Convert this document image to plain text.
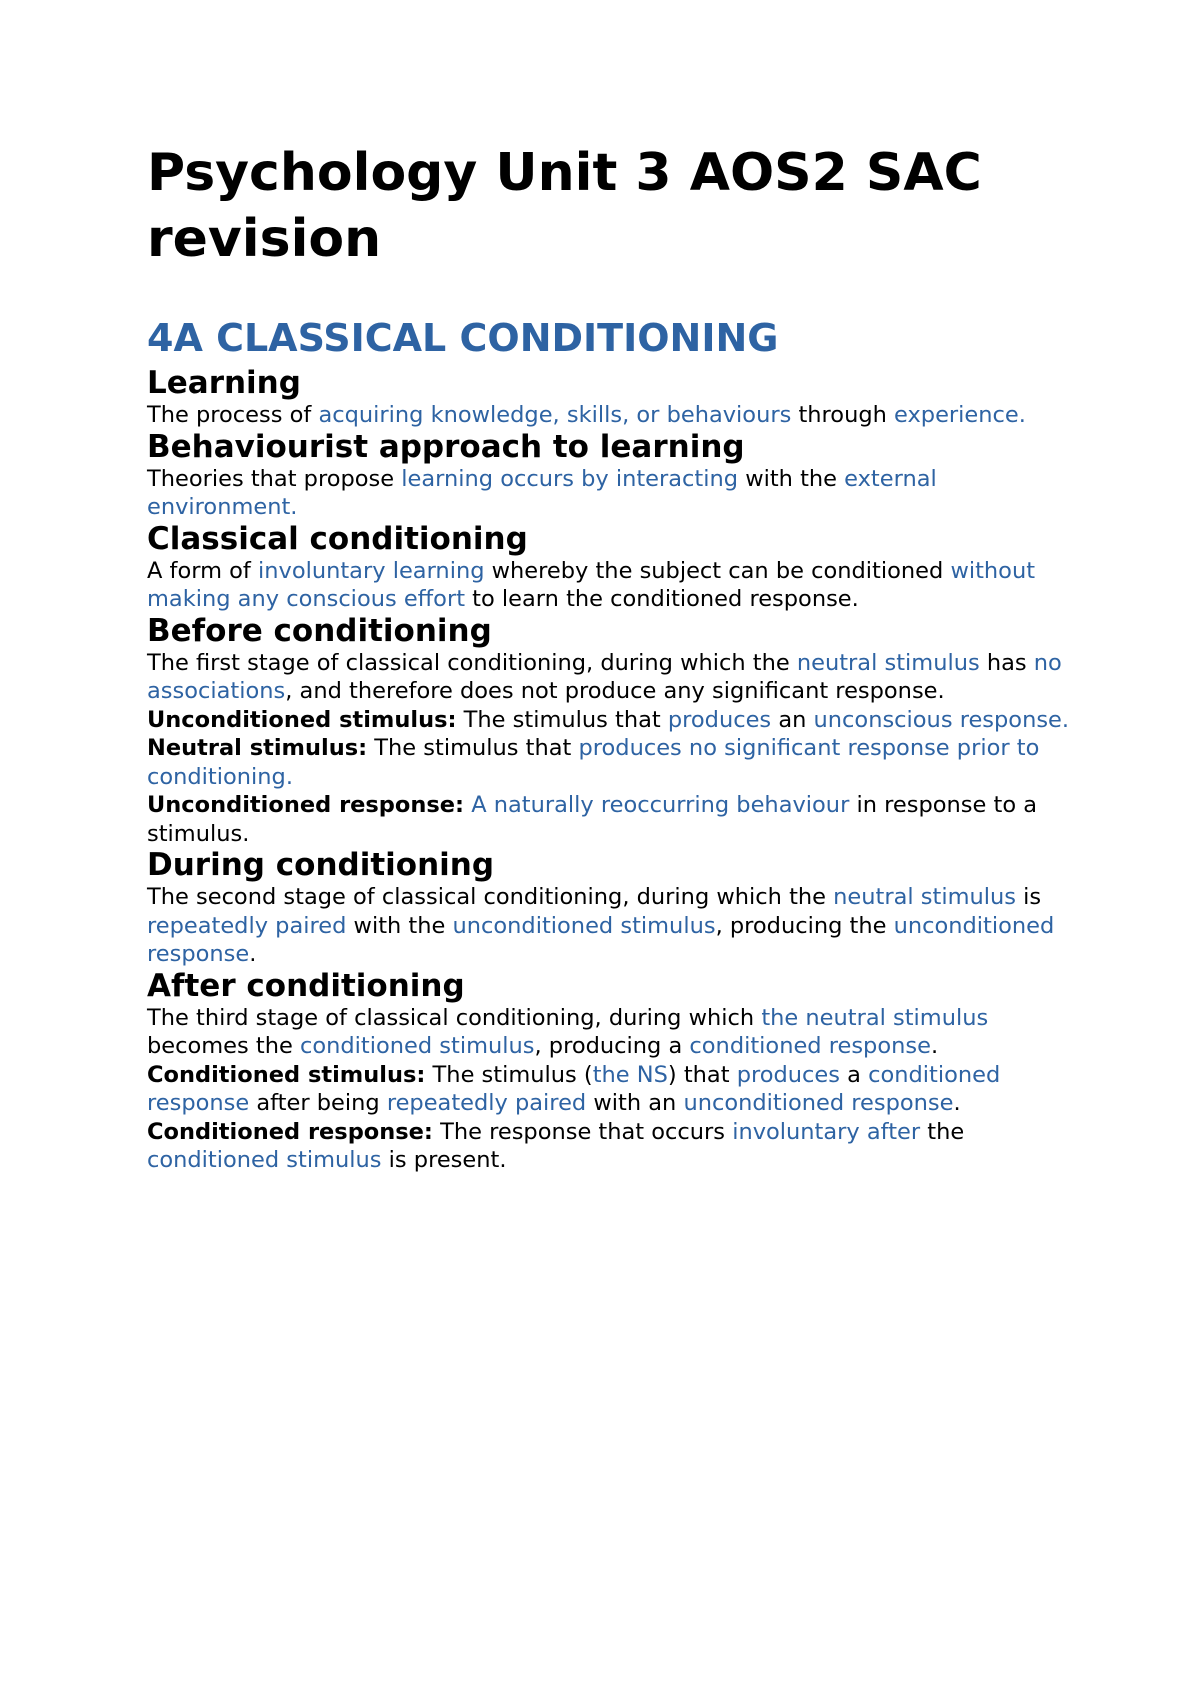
Psychology Unit 3 AOS2 SAC revision
4A CLASSICAL CONDITIONING
Learning

The process of acquiring knowledge, skills, or behaviours through experience.

Behaviourist approach to learning

Theories that propose learning occurs by interacting with the external environment.

Classical conditioning

A form of involuntary learning whereby the subject can be conditioned without making any conscious effort to learn the conditioned response.

Before conditioning

The first stage of classical conditioning, during which the neutral stimulus has no associations, and therefore does not produce any significant response.

Unconditioned stimulus: The stimulus that produces an unconscious response.

Neutral stimulus: The stimulus that produces no significant response prior to conditioning.

Unconditioned response: A naturally reoccurring behaviour in response to a stimulus.

During conditioning

The second stage of classical conditioning, during which the neutral stimulus is repeatedly paired with the unconditioned stimulus, producing the unconditioned response.

After conditioning

The third stage of classical conditioning, during which the neutral stimulus becomes the conditioned stimulus, producing a conditioned response.

Conditioned stimulus: The stimulus (the NS) that produces a conditioned response after being repeatedly paired with an unconditioned response.

Conditioned response: The response that occurs involuntary after the conditioned stimulus is present.
